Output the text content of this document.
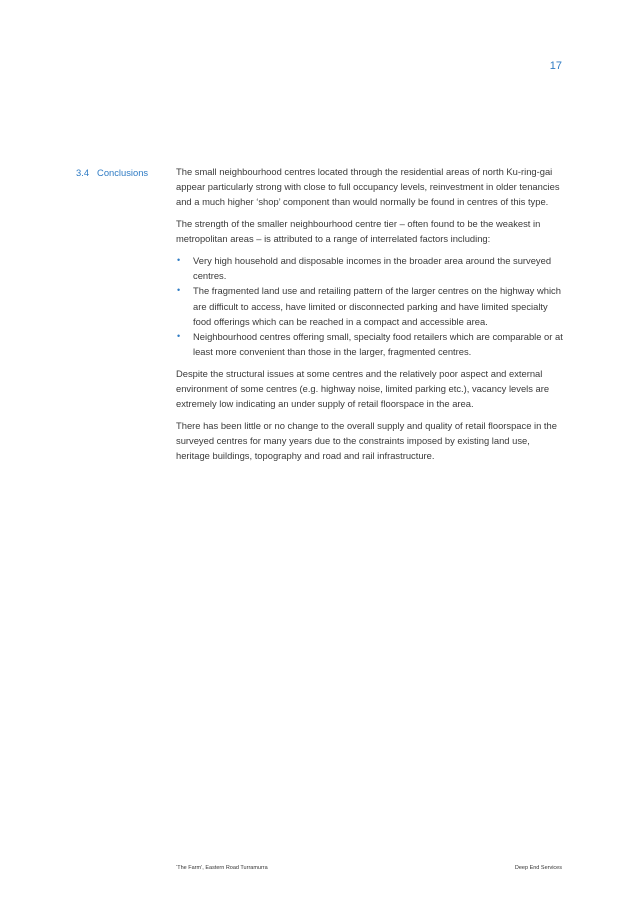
17
3.4 Conclusions	The small neighbourhood centres located through the residential areas of north Ku-ring-gai appear particularly strong with close to full occupancy levels, reinvestment in older tenancies and a much higher ‘shop’ component than would normally be found in centres of this type.

The strength of the smaller neighbourhood centre tier – often found to be the weakest in metropolitan areas – is attributed to a range of interrelated factors including:

• Very high household and disposable incomes in the broader area around the surveyed centres.
• The fragmented land use and retailing pattern of the larger centres on the highway which are difficult to access, have limited or disconnected parking and have limited specialty food offerings which can be reached in a compact and accessible area.
• Neighbourhood centres offering small, specialty food retailers which are comparable or at least more convenient than those in the larger, fragmented centres.

Despite the structural issues at some centres and the relatively poor aspect and external environment of some centres (e.g. highway noise, limited parking etc.), vacancy levels are extremely low indicating an under supply of retail floorspace in the area.

There has been little or no change to the overall supply and quality of retail floorspace in the surveyed centres for many years due to the constraints imposed by existing land use, heritage buildings, topography and road and rail infrastructure.

‘The Farm’, Eastern Road Turramurra	Deep End Services
